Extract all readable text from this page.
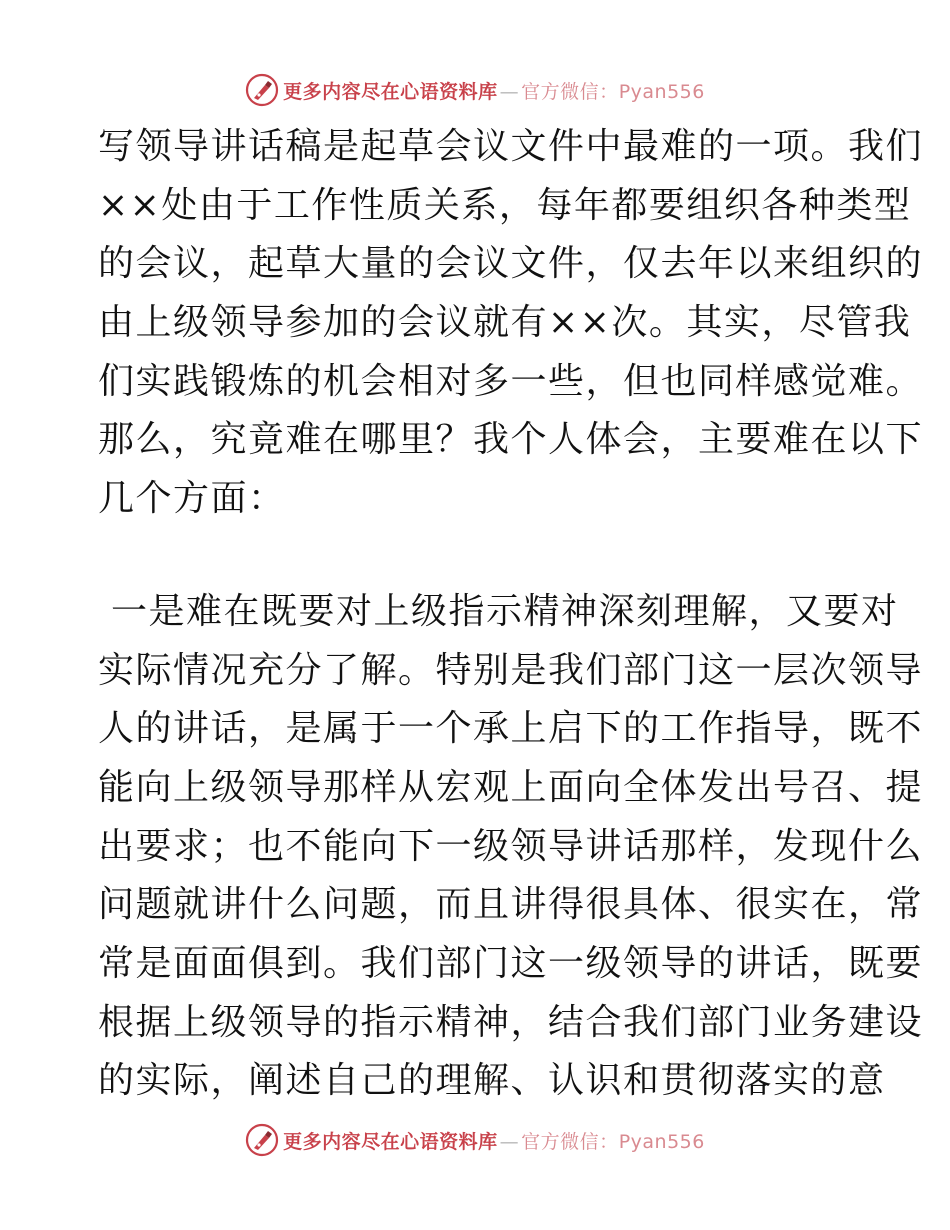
更多内容尽在心语资料库 — 官方微信：Pyan556
写领导讲话稿是起草会议文件中最难的一项。我们
××处由于工作性质关系，每年都要组织各种类型
的会议，起草大量的会议文件，仅去年以来组织的
由上级领导参加的会议就有××次。其实，尽管我
们实践锻炼的机会相对多一些，但也同样感觉难。
那么，究竟难在哪里？我个人体会，主要难在以下
几个方面：
一是难在既要对上级指示精神深刻理解，又要对
实际情况充分了解。特别是我们部门这一层次领导
人的讲话，是属于一个承上启下的工作指导，既不
能向上级领导那样从宏观上面向全体发出号召、提
出要求；也不能向下一级领导讲话那样，发现什么
问题就讲什么问题，而且讲得很具体、很实在，常
常是面面俱到。我们部门这一级领导的讲话，既要
根据上级领导的指示精神，结合我们部门业务建设
的实际，阐述自己的理解、认识和贯彻落实的意
更多内容尽在心语资料库 — 官方微信：Pyan556
